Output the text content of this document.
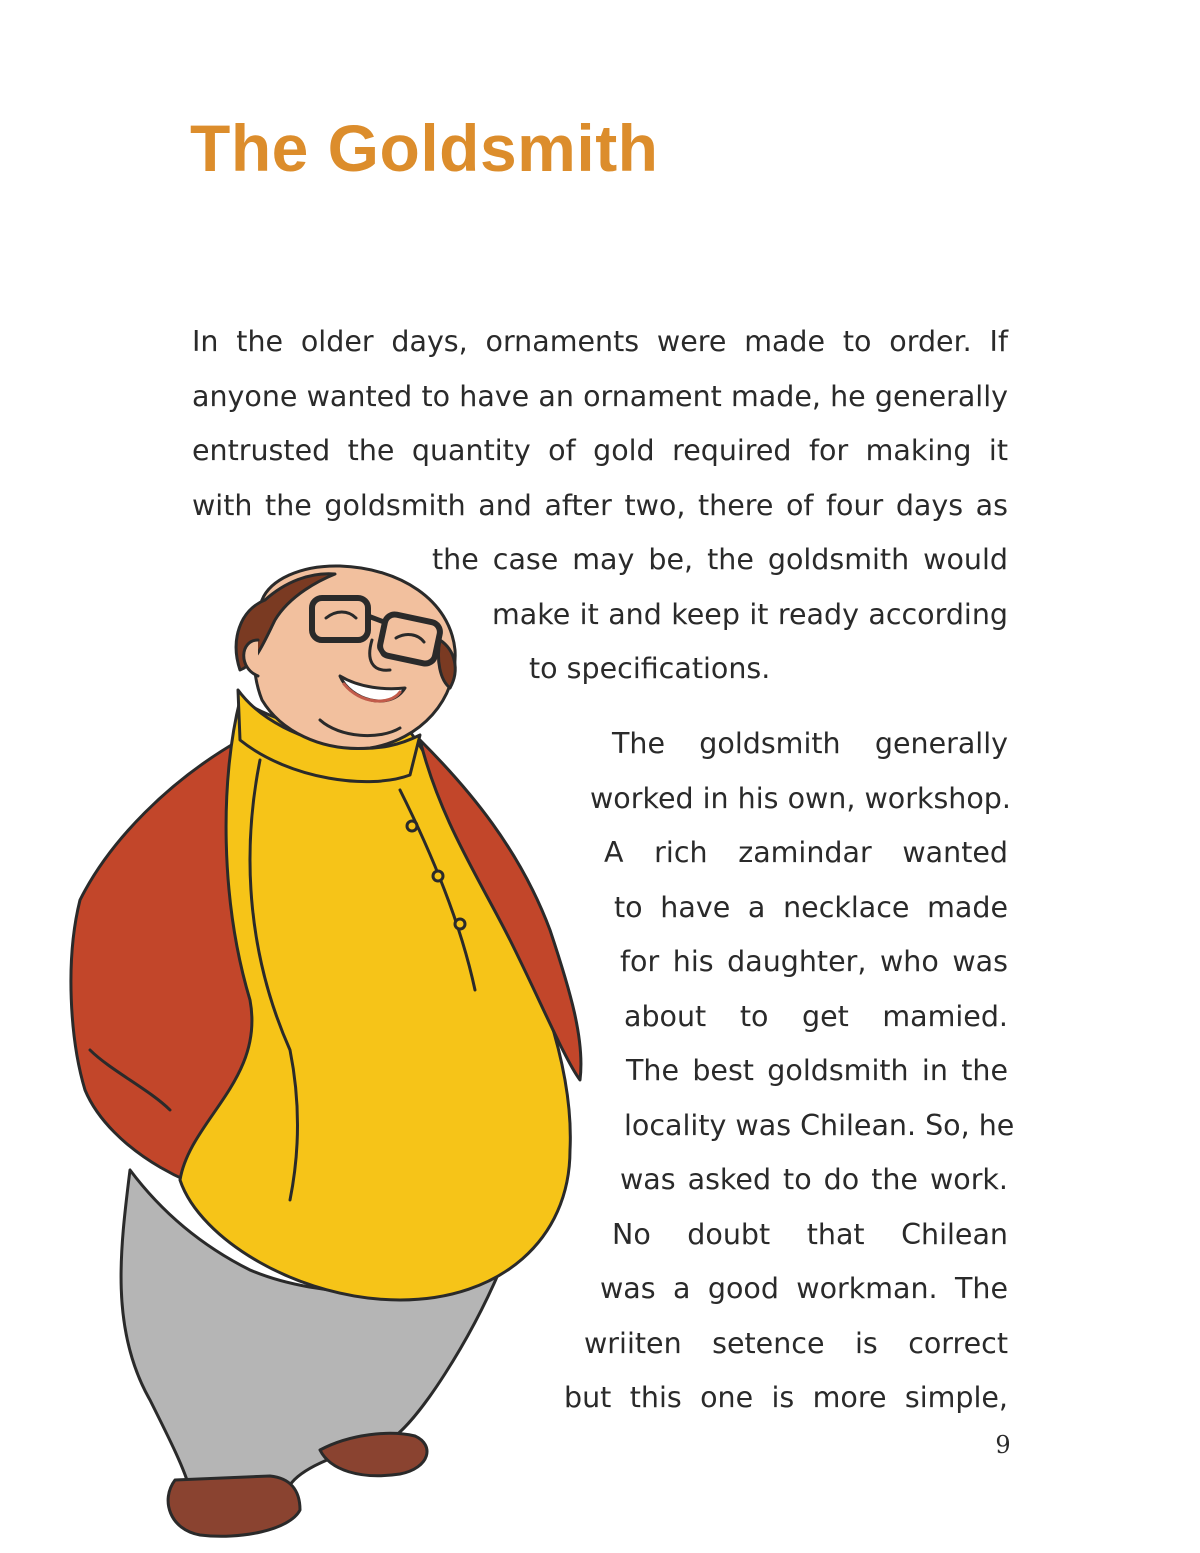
The Goldsmith

In the older days, ornaments were made to order. If

anyone wanted to have an ornament made, he generally

entrusted the quantity of gold required for making it

with the goldsmith and after two, there of four days as

the case may be, the goldsmith would

make it and keep it ready according

to specifications.

The goldsmith generally

worked in his own, workshop.

A rich zamindar wanted

to have a necklace made

for his daughter, who was

about to get mamied.

The best goldsmith in the

locality was Chilean. So, he

was asked to do the work.

No doubt that Chilean

was a good workman. The

wriiten setence is correct

but this one is more simple,

9
